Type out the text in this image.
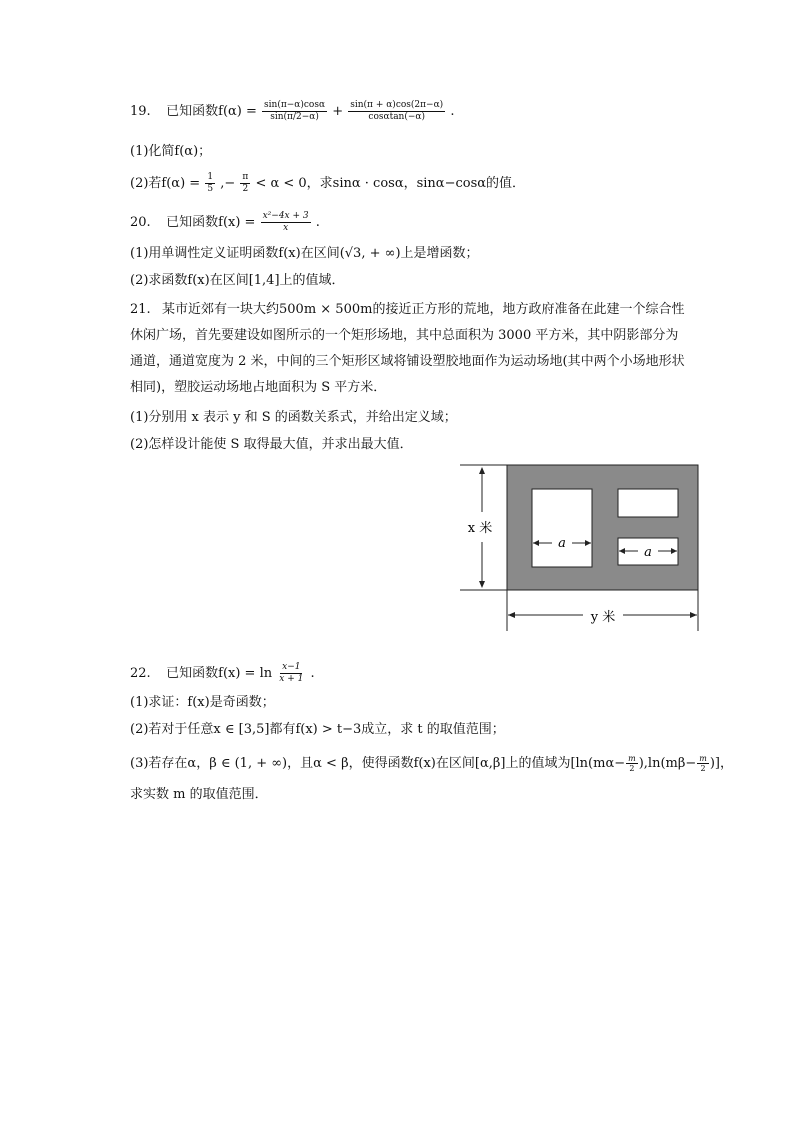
19. 已知函数$f(\alpha) = \frac{\sin(\pi-\alpha)\cos\alpha}{\sin(\pi/2-\alpha)} + \frac{\sin(\pi + \alpha)\cos(2\pi-\alpha)}{\cos\alpha\tan(-\alpha)}$ .
(1)化简f(α)；
(2)若$f(\alpha) = \frac{1}{5}$ ,− $\frac{\pi}{2} < \alpha < 0$，求sinα · cosα，sinα−cosα的值．
20. 已知函数$f(x) = \frac{\text{x²−4x + 3}}{x}$ .
(1)用单调性定义证明函数f(x)在区间(√3, + ∞)上是增函数；
(2)求函数f(x)在区间[1,4]上的值域．
21. 某市近郊有一块大约500m × 500m的接近正方形的荒地，地方政府准备在此建一个综合性休闲广场，首先要建设如图所示的一个矩形场地，其中总面积为 3000 平方米，其中阴影部分为通道，通道宽度为 2 米，中间的三个矩形区域将铺设塑胶地面作为运动场地(其中两个小场地形状相同)，塑胶运动场地占地面积为 S 平方米．
(1)分别用 x 表示 y 和 S 的函数关系式，并给出定义域；
(2)怎样设计能使 S 取得最大值，并求出最大值．
a
a
x 米
y 米
22. 已知函数$f(x) = \ln \frac{x-1}{x + 1}$ .
(1)求证：f(x)是奇函数；
(2)若对于任意x ∈ [3,5]都有f(x) > t−3成立，求 t 的取值范围；
(3)若存在α，β ∈ (1, + ∞)，且α < β，使得函数f(x)在区间[α,β]上的值域为[$\ln(m\alpha- \frac{m}{2} ),\ln(m\beta- \frac{m}{2}$ )]，
求实数 m 的取值范围．
